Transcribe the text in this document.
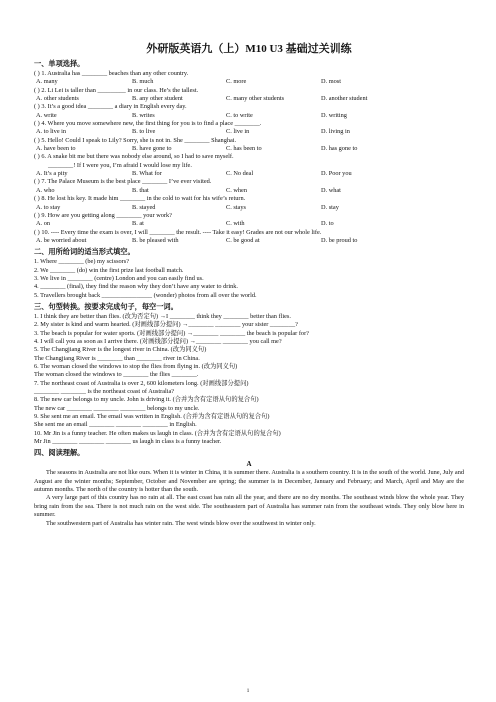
外研版英语九（上）M10 U3 基础过关训练
一、单项选择。
( ) 1. Australia has ________ beaches than any other country.
A. many	B. much	C. more	D. most
( ) 2. Li Lei is taller than _________ in our class. He’s the tallest.
A. other students	B. any other student	C. many other students	D. another student
( ) 3. It’s a good idea ________ a diary in English every day.
A. write	B. writes	C. to write	D. writing
( ) 4. Where you move somewhere new, the first thing for you is to find a place ________.
A. to live in	B. to live	C. live in	D. living in
( ) 5. Hello! Could I speak to Lily? Sorry, she is not in. She ________ Shanghai.
A. have been to	B. have gone to	C. has been to	D. has gone to
( ) 6. A snake bit me but there was nobody else around, so I had to save myself.
________! If I were you, I’m afraid I would lose my life.
A. It’s a pity	B. What for	C. No deal	D. Poor you
( ) 7. The Palace Museum is the best place ________ I’ve ever visited.
A. who	B. that	C. when	D. what
( ) 8. He lost his key. It made him ________ in the cold to wait for his wife’s return.
A. to stay	B. stayed	C. stays	D. stay
( ) 9. How are you getting along ________ your work?
A. on	B. at	C. with	D. to
( ) 10. ---- Every time the exam is over, I will ________ the result. ---- Take it easy! Grades are not our whole life.
A. be worried about	B. be pleased with	C. be good at	D. be proud to
二、用所给词的适当形式填空。
1. Where ________ (be) my scissors?
2. We ________ (do) win the first prize last football match.
3. We live in ________ (centre) London and you can easily find us.
4. ________ (final), they find the reason why they don’t have any water to drink.
5. Travellers brought back ________________ (wonder) photos from all over the world.
三、句型转换。按要求完成句子，每空一词。
1. I think they are better than flies. (改为否定句) →I ________ think they ________ better than flies.
2. My sister is kind and warm hearted. (对画线部分提问) →________ ________ your sister ________?
3. The beach is popular for water sports. (对画线部分提问) →________ ________ the beach is popular for?
4. I will call you as soon as I arrive there. (对画线部分提问) →________ ________ you call me?
5. The Changjiang River is the longest river in China. (改为同义句)
The Changjiang River is ________ than ________ river in China.
6. The woman closed the windows to stop the flies from flying in. (改为同义句)
The woman closed the windows to ________ the flies ________.
7. The northeast coast of Australia is over 2, 600 kilometers long. (对画线部分提问)
________ ________ is the northeast coast of Australia?
8. The new car belongs to my uncle. John is driving it. (合并为含有定语从句的复合句)
The new car ________ ________ ________ belongs to my uncle.
9. She sent me an email. The email was written in English. (合并为含有定语从句的复合句)
She sent me an email ________ ________ ________ in English.
10. Mr Jin is a funny teacher. He often makes us laugh in class. (合并为含有定语从句的复合句)
Mr Jin ________ ________ ________ us laugh in class is a funny teacher.
四、阅读理解。
A
The seasons in Australia are not like ours. When it is winter in China, it is summer there. Australia is a southern country. It is in the south of the world. June, July and August are the winter months; September, October and November are spring; the summer is in December, January and February; and March, April and May are the autumn months. The north of the country is hotter than the south.
A very large part of this country has no rain at all. The east coast has rain all the year, and there are no dry months. The southeast winds blow the whole year. They bring rain from the sea. There is not much rain on the west side. The southeastern part of Australia has summer rain from the southeast winds. They only blow here in summer.
The southwestern part of Australia has winter rain. The west winds blow over the southwest in winter only.
1
